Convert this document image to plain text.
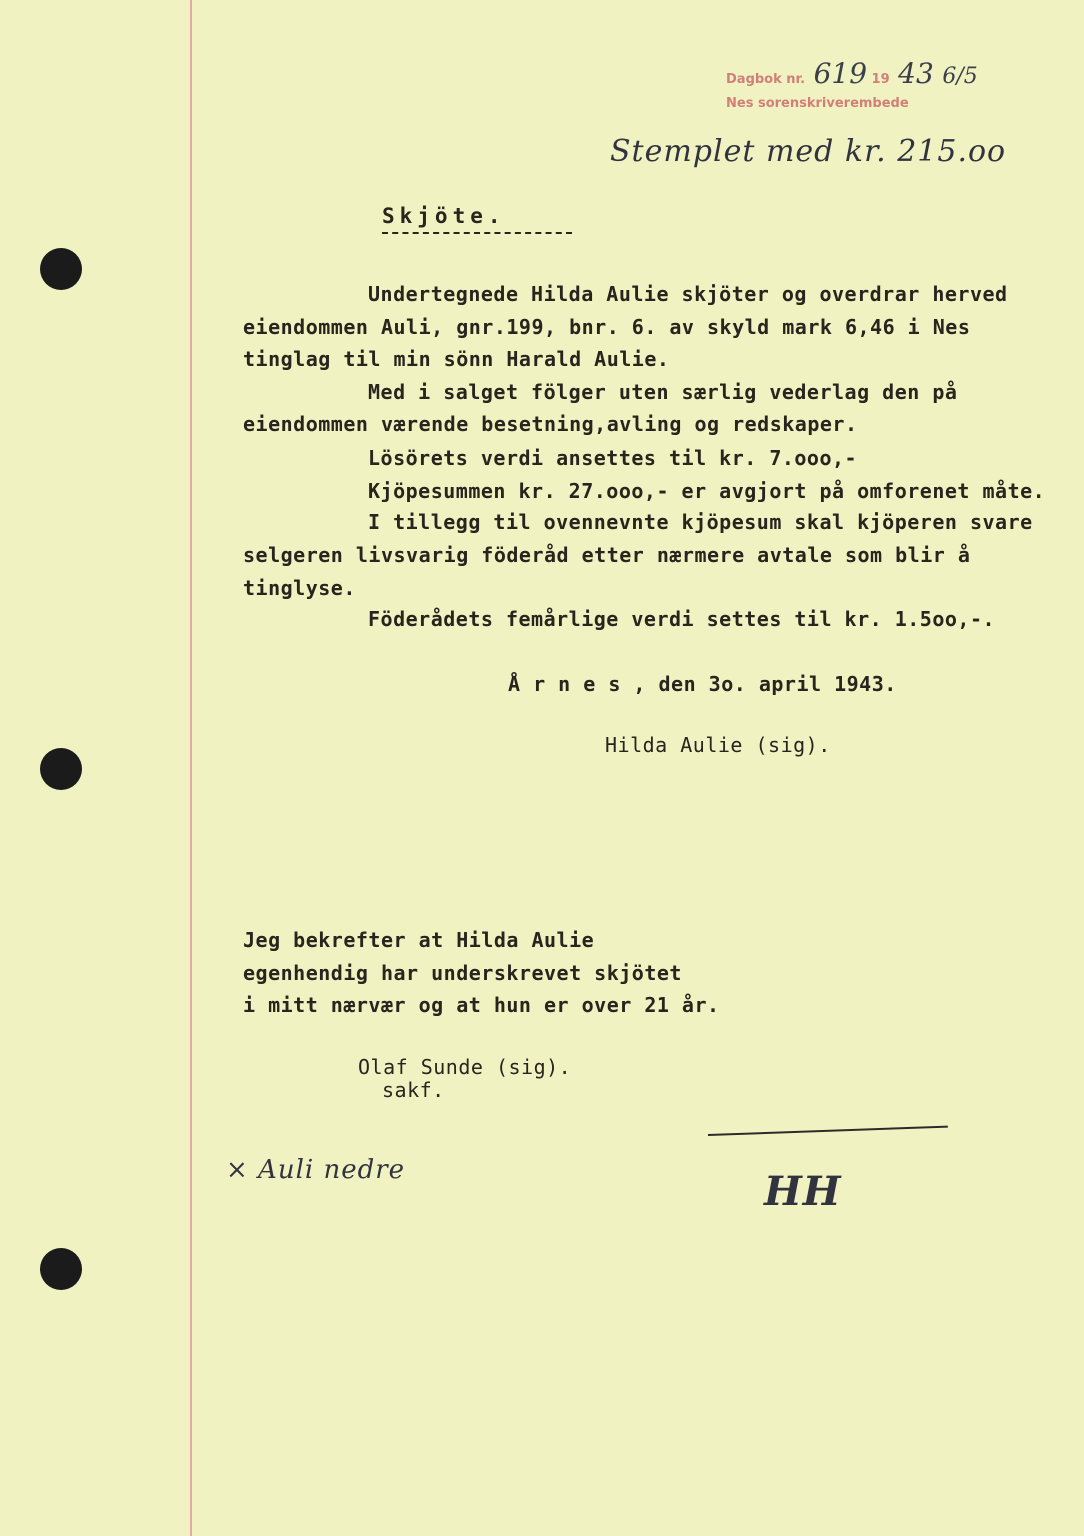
Dagbok nr. 619 19 43 6/5
Nes sorenskriverembede
Stemplet med kr. 215.oo
Skjöte.
Undertegnede Hilda Aulie skjöter og overdrar herved
eiendommen Auli, gnr.199, bnr. 6. av skyld mark 6,46 i Nes
tinglag til min sönn Harald Aulie.
Med i salget fölger uten særlig vederlag den på
eiendommen værende besetning,avling og redskaper.
Lösörets verdi ansettes til kr. 7.ooo,-
Kjöpesummen kr. 27.ooo,- er avgjort på omforenet måte.
I tillegg til ovennevnte kjöpesum skal kjöperen svare
selgeren livsvarig föderåd etter nærmere avtale som blir å
tinglyse.
Föderådets femårlige verdi settes til kr. 1.5oo,-.
Å r n e s , den 3o. april 1943.
Hilda Aulie (sig).
Jeg bekrefter at Hilda Aulie
egenhendig har underskrevet skjötet
i mitt nærvær og at hun er over 21 år.
Olaf Sunde (sig).
sakf.
× Auli nedre	HH
